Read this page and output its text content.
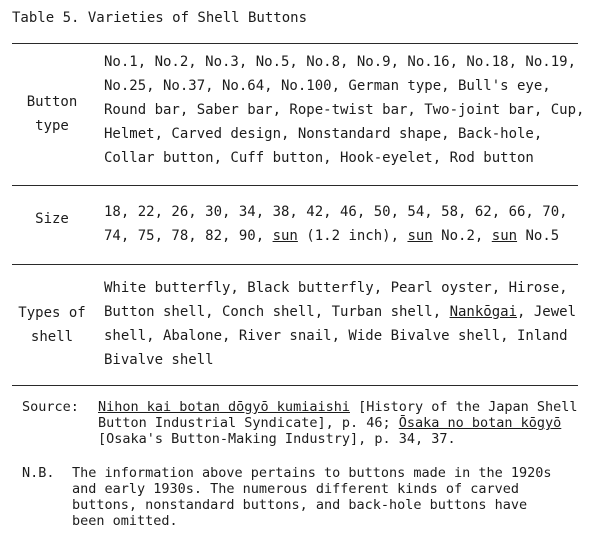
Table 5. Varieties of Shell Buttons
Button
type
No.1, No.2, No.3, No.5, No.8, No.9, No.16, No.18, No.19,
No.25, No.37, No.64, No.100, German type, Bull's eye,
Round bar, Saber bar, Rope-twist bar, Two-joint bar, Cup,
Helmet, Carved design, Nonstandard shape, Back-hole,
Collar button, Cuff button, Hook-eyelet, Rod button
Size	18, 22, 26, 30, 34, 38, 42, 46, 50, 54, 58, 62, 66, 70,
74, 75, 78, 82, 90, sun (1.2 inch), sun No.2, sun No.5
Types of
shell
White butterfly, Black butterfly, Pearl oyster, Hirose,
Button shell, Conch shell, Turban shell, Nankōgai, Jewel
shell, Abalone, River snail, Wide Bivalve shell, Inland
Bivalve shell
Source: Nihon kai botan dōgyō kumiaishi [History of the Japan Shell
Button Industrial Syndicate], p. 46; Ōsaka no botan kōgyō
[Osaka's Button-Making Industry], p. 34, 37.
N.B. The information above pertains to buttons made in the 1920s
and early 1930s. The numerous different kinds of carved
buttons, nonstandard buttons, and back-hole buttons have
been omitted.
